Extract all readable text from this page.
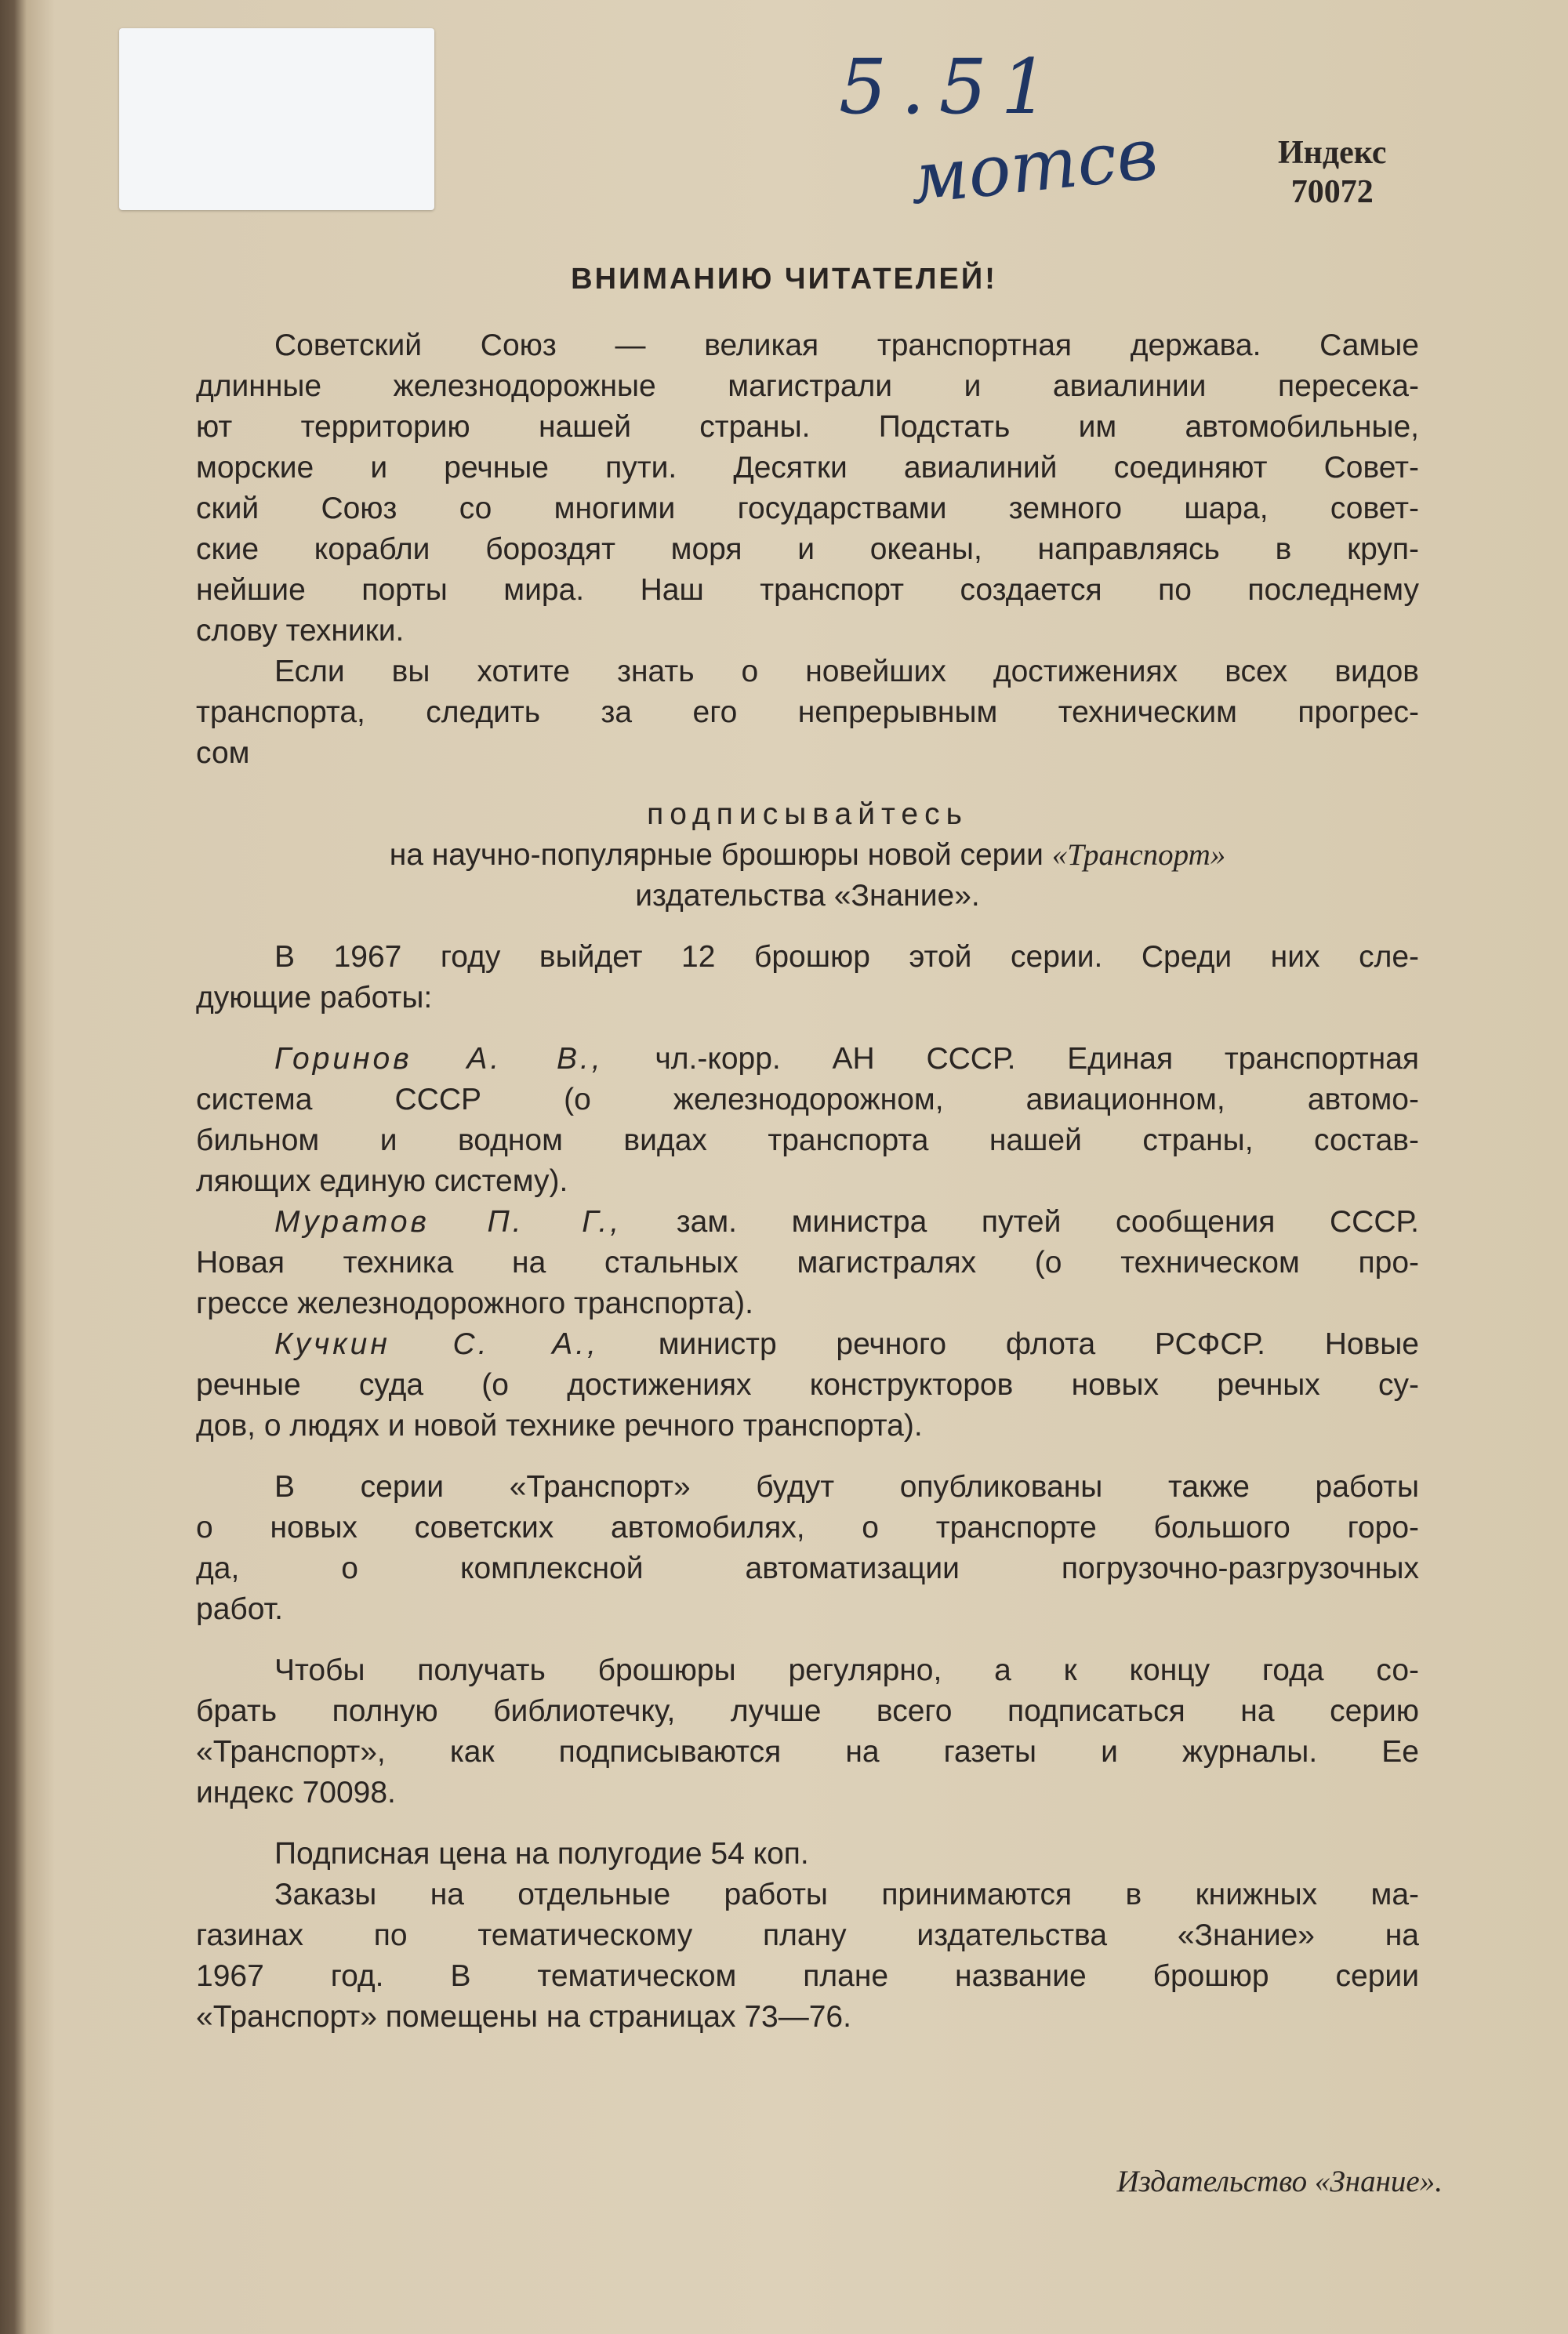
5.51
мотсв	Индекс
70072
ВНИМАНИЮ ЧИТАТЕЛЕЙ!
Советский Союз — великая транспортная держава. Самые
длинные железнодорожные магистрали и авиалинии пересека-
ют территорию нашей страны. Подстать им автомобильные,
морские и речные пути. Десятки авиалиний соединяют Совет-
ский Союз со многими государствами земного шара, совет-
ские корабли бороздят моря и океаны, направляясь в круп-
нейшие порты мира. Наш транспорт создается по последнему
слову техники.
Если вы хотите знать о новейших достижениях всех видов
транспорта, следить за его непрерывным техническим прогрес-
сом
подписывайтесь
на научно-популярные брошюры новой серии «Транспорт»
издательства «Знание».
В 1967 году выйдет 12 брошюр этой серии. Среди них сле-
дующие работы:
Горинов А. В., чл.-корр. АН СССР. Единая транспортная
система СССР (о железнодорожном, авиационном, автомо-
бильном и водном видах транспорта нашей страны, состав-
ляющих единую систему).
Муратов П. Г., зам. министра путей сообщения СССР.
Новая техника на стальных магистралях (о техническом про-
грессе железнодорожного транспорта).
Кучкин С. А., министр речного флота РСФСР. Новые
речные суда (о достижениях конструкторов новых речных су-
дов, о людях и новой технике речного транспорта).
В серии «Транспорт» будут опубликованы также работы
о новых советских автомобилях, о транспорте большого горо-
да, о комплексной автоматизации погрузочно-разгрузочных
работ.
Чтобы получать брошюры регулярно, а к концу года со-
брать полную библиотечку, лучше всего подписаться на серию
«Транспорт», как подписываются на газеты и журналы. Ее
индекс 70098.
Подписная цена на полугодие 54 коп.
Заказы на отдельные работы принимаются в книжных ма-
газинах по тематическому плану издательства «Знание» на
1967 год. В тематическом плане название брошюр серии
«Транспорт» помещены на страницах 73—76.
Издательство «Знание».
